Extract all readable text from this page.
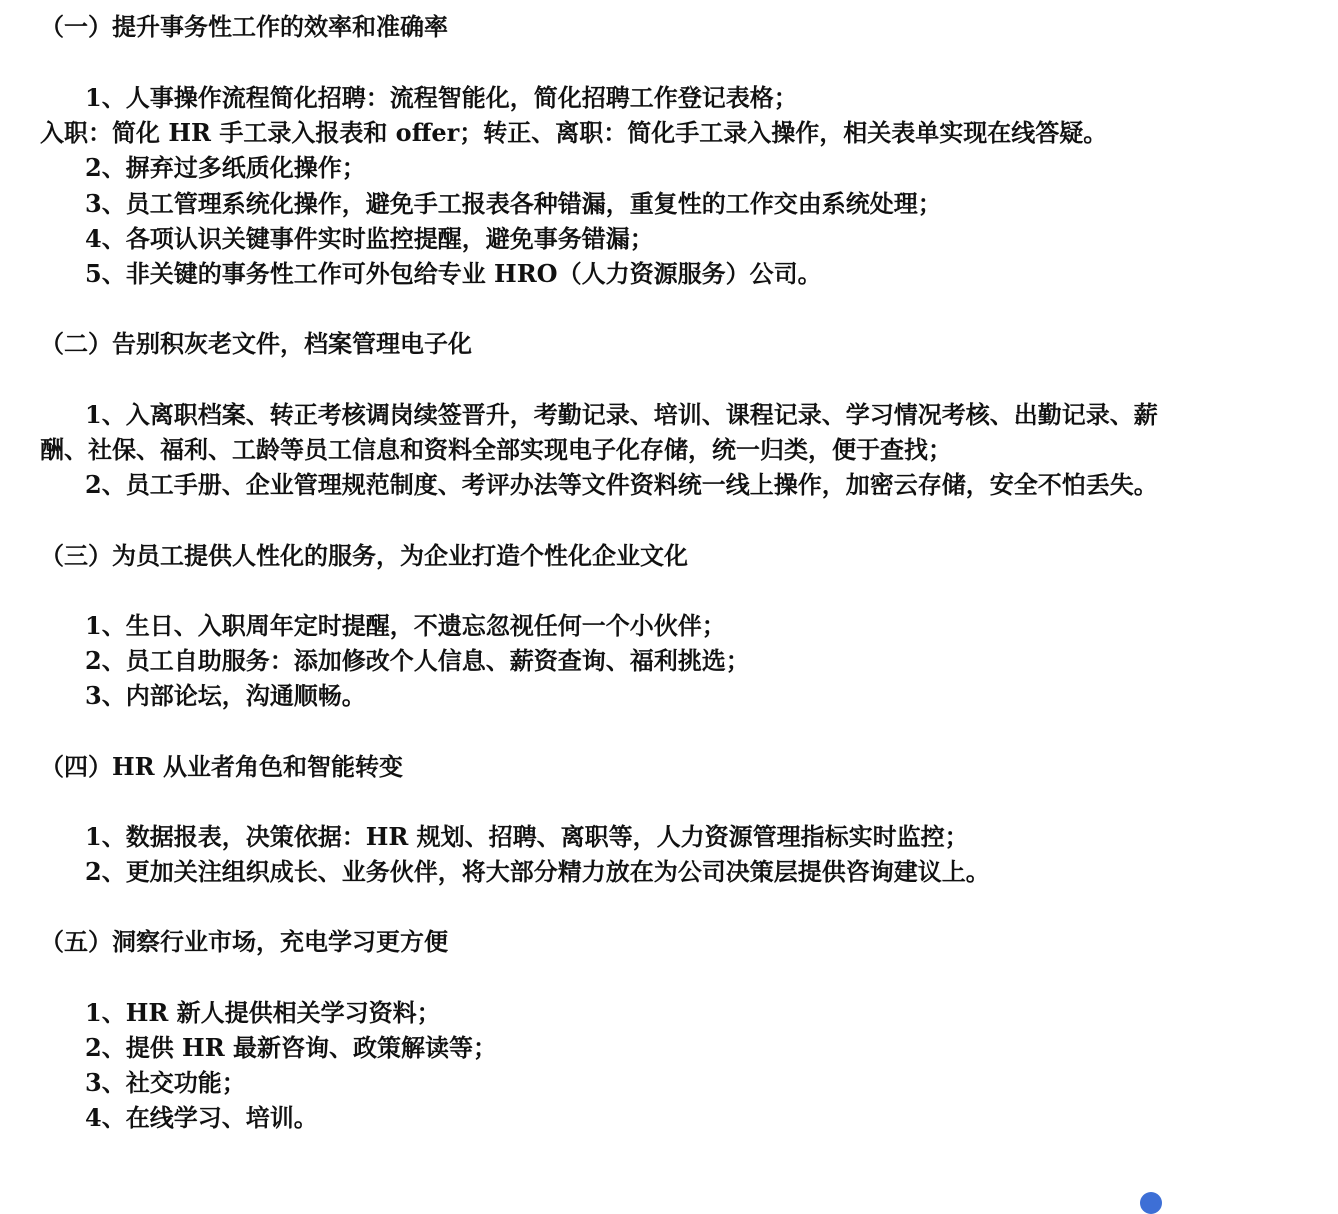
（一）提升事务性工作的效率和准确率
1、人事操作流程简化招聘：流程智能化，简化招聘工作登记表格；
入职：简化 HR 手工录入报表和 offer；转正、离职：简化手工录入操作，相关表单实现在线答疑。
2、摒弃过多纸质化操作；
3、员工管理系统化操作，避免手工报表各种错漏，重复性的工作交由系统处理；
4、各项认识关键事件实时监控提醒，避免事务错漏；
5、非关键的事务性工作可外包给专业 HRO（人力资源服务）公司。
（二）告别积灰老文件，档案管理电子化
1、入离职档案、转正考核调岗续签晋升，考勤记录、培训、课程记录、学习情况考核、出勤记录、薪
酬、社保、福利、工龄等员工信息和资料全部实现电子化存储，统一归类，便于查找；
2、员工手册、企业管理规范制度、考评办法等文件资料统一线上操作，加密云存储，安全不怕丢失。
（三）为员工提供人性化的服务，为企业打造个性化企业文化
1、生日、入职周年定时提醒，不遗忘忽视任何一个小伙伴；
2、员工自助服务：添加修改个人信息、薪资查询、福利挑选；
3、内部论坛，沟通顺畅。
（四）HR 从业者角色和智能转变
1、数据报表，决策依据：HR 规划、招聘、离职等，人力资源管理指标实时监控；
2、更加关注组织成长、业务伙伴，将大部分精力放在为公司决策层提供咨询建议上。
（五）洞察行业市场，充电学习更方便
1、HR 新人提供相关学习资料；
2、提供 HR 最新咨询、政策解读等；
3、社交功能；
4、在线学习、培训。
